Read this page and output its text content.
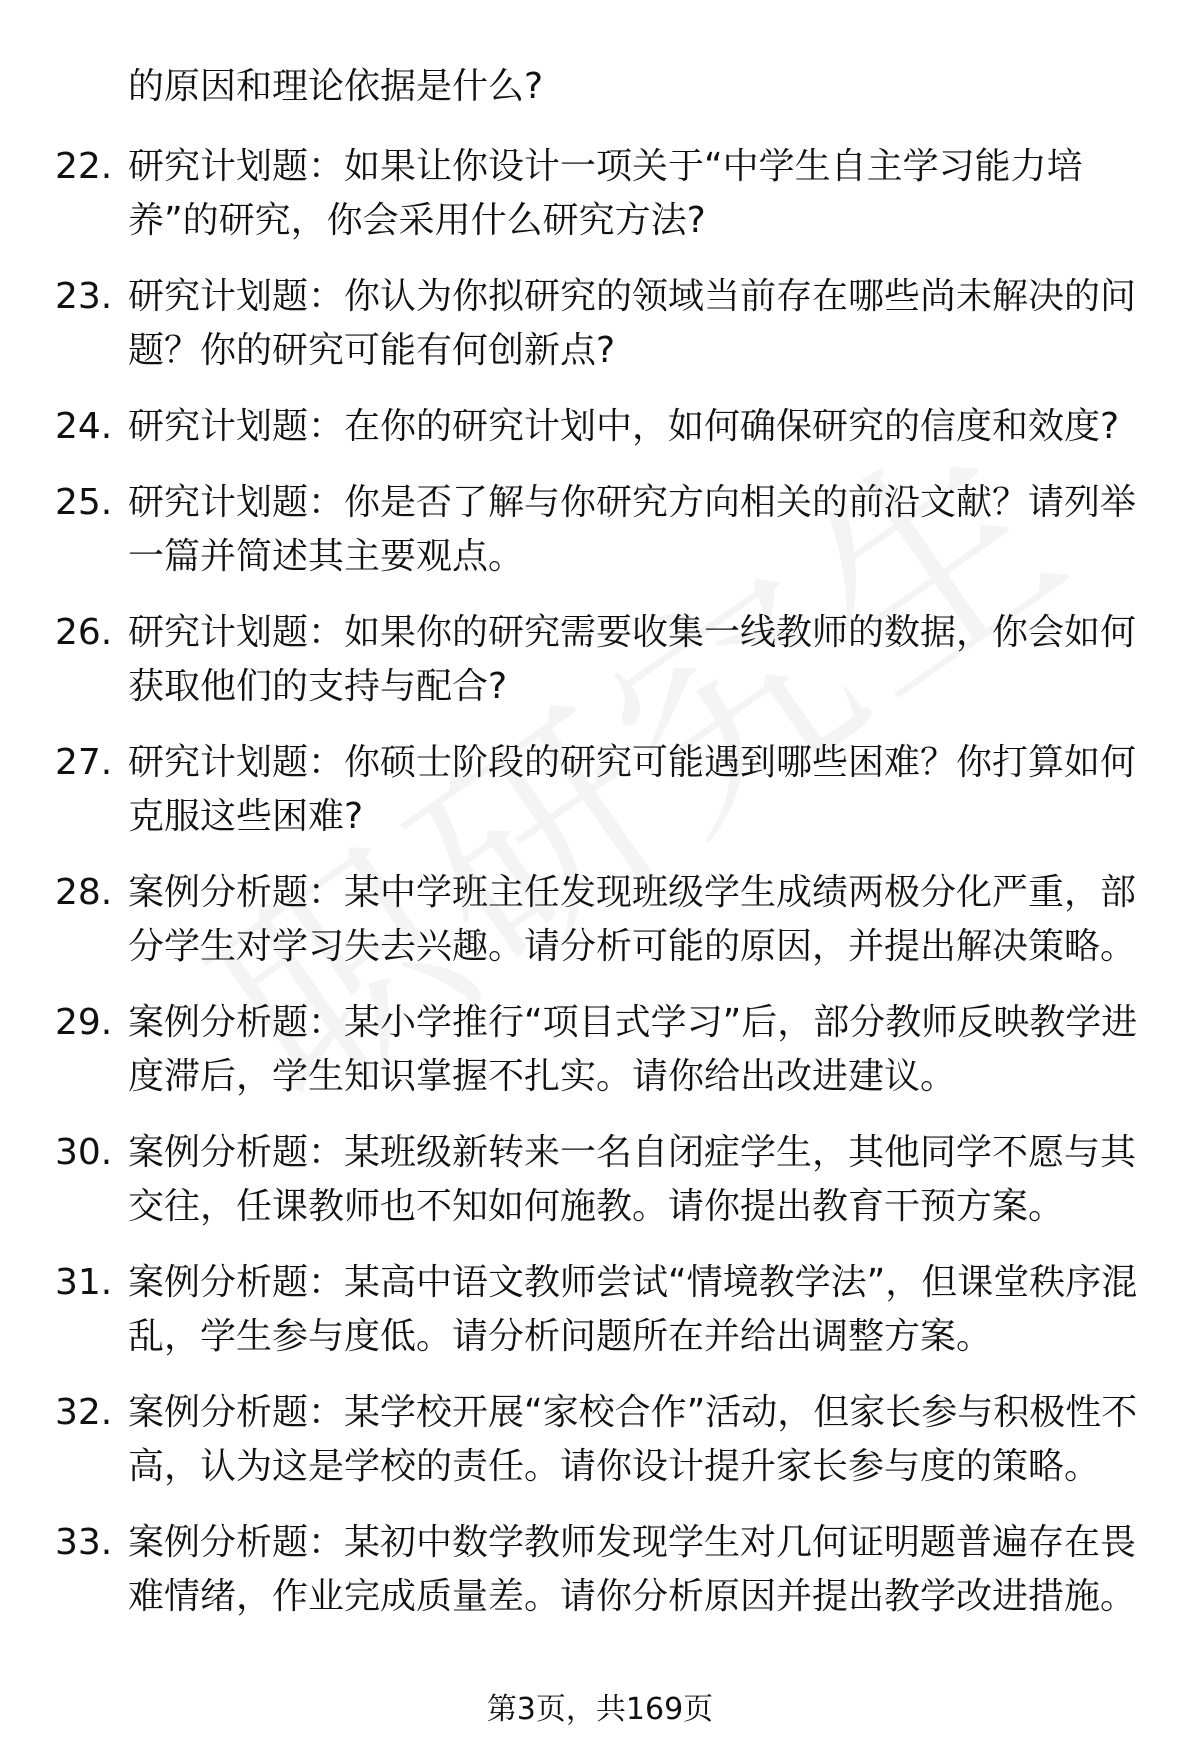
的原因和理论依据是什么?
22. 研究计划题：如果让你设计一项关于“中学生自主学习能力培养”的研究，你会采用什么研究方法?
23. 研究计划题：你认为你拟研究的领域当前存在哪些尚未解决的问题？你的研究可能有何创新点?
24. 研究计划题：在你的研究计划中，如何确保研究的信度和效度?
25. 研究计划题：你是否了解与你研究方向相关的前沿文献？请列举一篇并简述其主要观点。
26. 研究计划题：如果你的研究需要收集一线教师的数据，你会如何获取他们的支持与配合?
27. 研究计划题：你硕士阶段的研究可能遇到哪些困难？你打算如何克服这些困难?
28. 案例分析题：某中学班主任发现班级学生成绩两极分化严重，部分学生对学习失去兴趣。请分析可能的原因，并提出解决策略。
29. 案例分析题：某小学推行“项目式学习”后，部分教师反映教学进度滞后，学生知识掌握不扎实。请你给出改进建议。
30. 案例分析题：某班级新转来一名自闭症学生，其他同学不愿与其交往，任课教师也不知如何施教。请你提出教育干预方案。
31. 案例分析题：某高中语文教师尝试“情境教学法”，但课堂秩序混乱，学生参与度低。请分析问题所在并给出调整方案。
32. 案例分析题：某学校开展“家校合作”活动，但家长参与积极性不高，认为这是学校的责任。请你设计提升家长参与度的策略。
33. 案例分析题：某初中数学教师发现学生对几何证明题普遍存在畏难情绪，作业完成质量差。请你分析原因并提出教学改进措施。
第3页，共169页
